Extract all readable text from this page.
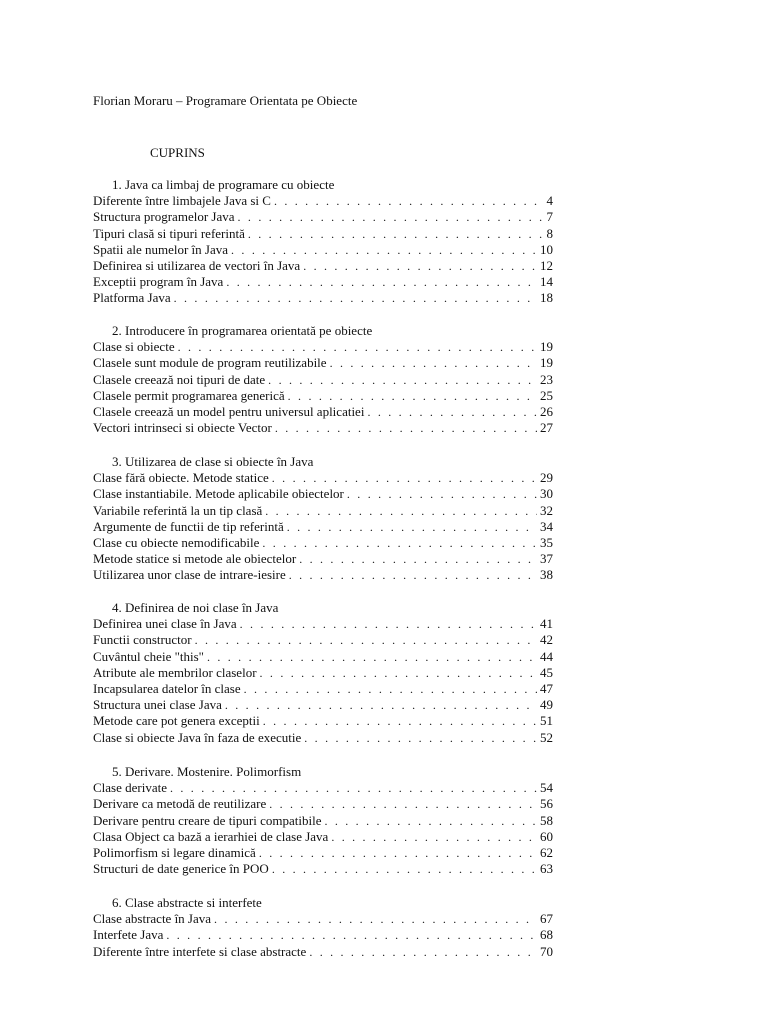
Florian Moraru – Programare Orientata pe Obiecte
CUPRINS
1. Java ca limbaj de programare cu obiecte
Diferente între limbajele Java si C . . .	4
Structura programelor Java . . .	7
Tipuri clasă si tipuri referintă . . .	8
Spatii ale numelor în Java . . .	10
Definirea si utilizarea de vectori în Java . . .	12
Exceptii program în Java . . .	14
Platforma Java . . .	18
2. Introducere în programarea orientată pe obiecte
Clase si obiecte . . .	19
Clasele sunt module de program reutilizabile . . .	19
Clasele creează noi tipuri de date . . .	23
Clasele permit programarea generică . . .	25
Clasele creează un model pentru universul aplicatiei . . .	26
Vectori intrinseci si obiecte Vector . . .	27
3. Utilizarea de clase si obiecte în Java
Clase fără obiecte. Metode statice . . .	29
Clase instantiabile. Metode aplicabile obiectelor . . .	30
Variabile referintă la un tip clasă . . .	32
Argumente de functii de tip referintă . . .	34
Clase cu obiecte nemodificabile . . .	35
Metode statice si metode ale obiectelor . . .	37
Utilizarea unor clase de intrare-iesire . . .	38
4. Definirea de noi clase în Java
Definirea unei clase în Java . . .	41
Functii constructor . . .	42
Cuvântul cheie "this" . . .	44
Atribute ale membrilor claselor . . .	45
Incapsularea datelor în clase . . .	47
Structura unei clase Java . . .	49
Metode care pot genera exceptii . . .	51
Clase si obiecte Java în faza de executie . . .	52
5. Derivare. Mostenire. Polimorfism
Clase derivate . . .	54
Derivare ca metodă de reutilizare . . .	56
Derivare pentru creare de tipuri compatibile . . .	58
Clasa Object ca bază a ierarhiei de clase Java . . .	60
Polimorfism si legare dinamică . . .	62
Structuri de date generice în POO . . .	63
6. Clase abstracte si interfete
Clase abstracte în Java . . .	67
Interfete Java . . .	68
Diferente între interfete si clase abstracte . . .	70
